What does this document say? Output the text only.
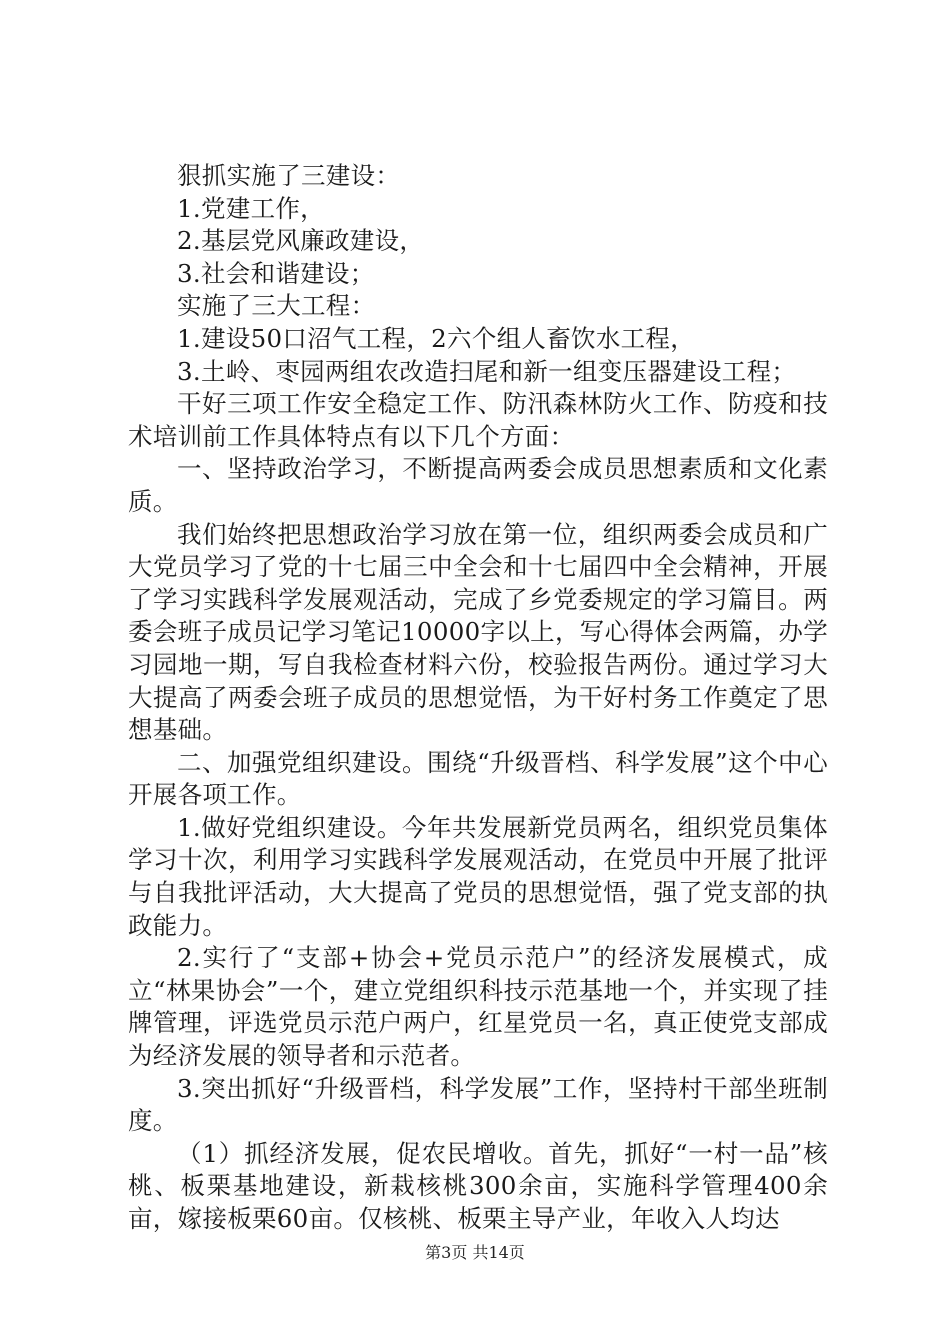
狠抓实施了三建设：

1.党建工作，

2.基层党风廉政建设，

3.社会和谐建设；

实施了三大工程：

1.建设50口沼气工程，2六个组人畜饮水工程，

3.土岭、枣园两组农改造扫尾和新一组变压器建设工程；

干好三项工作安全稳定工作、防汛森林防火工作、防疫和技术培训前工作具体特点有以下几个方面：

一、坚持政治学习，不断提高两委会成员思想素质和文化素质。

我们始终把思想政治学习放在第一位，组织两委会成员和广大党员学习了党的十七届三中全会和十七届四中全会精神，开展了学习实践科学发展观活动，完成了乡党委规定的学习篇目。两委会班子成员记学习笔记10000字以上，写心得体会两篇，办学习园地一期，写自我检查材料六份，校验报告两份。通过学习大大提高了两委会班子成员的思想觉悟，为干好村务工作奠定了思想基础。

二、加强党组织建设。围绕“升级晋档、科学发展”这个中心开展各项工作。

1.做好党组织建设。今年共发展新党员两名，组织党员集体学习十次，利用学习实践科学发展观活动，在党员中开展了批评与自我批评活动，大大提高了党员的思想觉悟，强了党支部的执政能力。

2.实行了“支部+协会+党员示范户”的经济发展模式，成立“林果协会”一个，建立党组织科技示范基地一个，并实现了挂牌管理，评选党员示范户两户，红星党员一名，真正使党支部成为经济发展的领导者和示范者。

3.突出抓好“升级晋档，科学发展”工作，坚持村干部坐班制度。

（1）抓经济发展，促农民增收。首先，抓好“一村一品”核桃、板栗基地建设，新栽核桃300余亩，实施科学管理400余亩，嫁接板栗60亩。仅核桃、板栗主导产业，年收入人均达

第3页 共14页
